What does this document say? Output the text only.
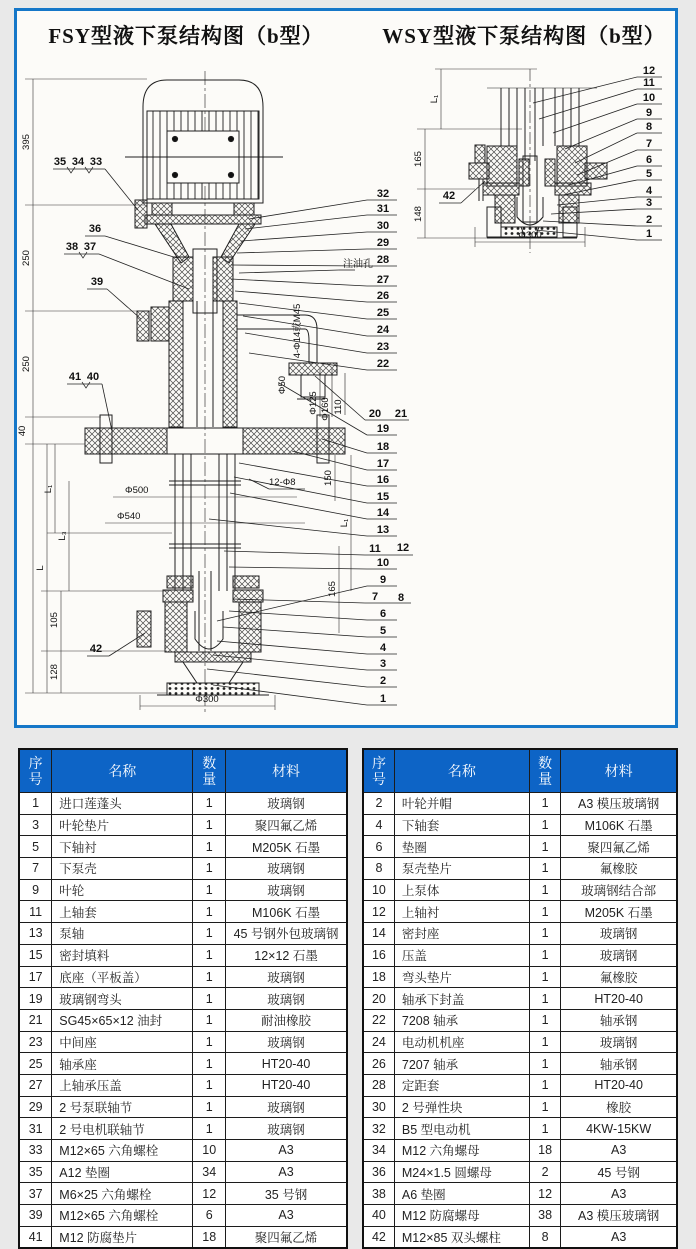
FSY型液下泵结构图（b型）	WSY型液下泵结构图（b型）
395
250
250
40
L
L₁
L₃
105
128
Φ500
Φ540
Φ300
Φ125 Φ160 110
Φ50
150
L₁
165
12-Φ8
4-Φ14或M45
注油孔
35 34 33
36
38 37
39
41 40
42
32
31
30
29
28
27
26
25
24
23
22
20 21
19
18
17
16
15
14
13
11 12
10
9
7 8
6
5
4
3
2
1
L₁
165
148
Φ300
12
11
10
9
8
7
6
5
4
3
2
1
42
序号	名称	数量	材料
1	进口莲蓬头	1	玻璃钢
3	叶轮垫片	1	聚四氟乙烯
5	下轴衬	1	M205K 石墨
7	下泵壳	1	玻璃钢
9	叶轮	1	玻璃钢
11	上轴套	1	M106K 石墨
13	泵轴	1	45 号钢外包玻璃钢
15	密封填料	1	12×12 石墨
17	底座（平板盖）	1	玻璃钢
19	玻璃钢弯头	1	玻璃钢
21	SG45×65×12 油封	1	耐油橡胶
23	中间座	1	玻璃钢
25	轴承座	1	HT20-40
27	上轴承压盖	1	HT20-40
29	2 号泵联轴节	1	玻璃钢
31	2 号电机联轴节	1	玻璃钢
33	M12×65 六角螺栓	10	A3
35	A12 垫圈	34	A3
37	M6×25 六角螺栓	12	35 号钢
39	M12×65 六角螺栓	6	A3
41	M12 防腐垫片	18	聚四氟乙烯
序号	名称	数量	材料
2	叶轮并帽	1	A3 模压玻璃钢
4	下轴套	1	M106K 石墨
6	垫圈	1	聚四氟乙烯
8	泵壳垫片	1	氟橡胶
10	上泵体	1	玻璃钢结合部
12	上轴衬	1	M205K 石墨
14	密封座	1	玻璃钢
16	压盖	1	玻璃钢
18	弯头垫片	1	氟橡胶
20	轴承下封盖	1	HT20-40
22	7208 轴承	1	轴承钢
24	电动机机座	1	玻璃钢
26	7207 轴承	1	轴承钢
28	定距套	1	HT20-40
30	2 号弹性块	1	橡胶
32	B5 型电动机	1	4KW-15KW
34	M12 六角螺母	18	A3
36	M24×1.5 圆螺母	2	45 号钢
38	A6 垫圈	12	A3
40	M12 防腐螺母	38	A3 模压玻璃钢
42	M12×85 双头螺柱	8	A3
